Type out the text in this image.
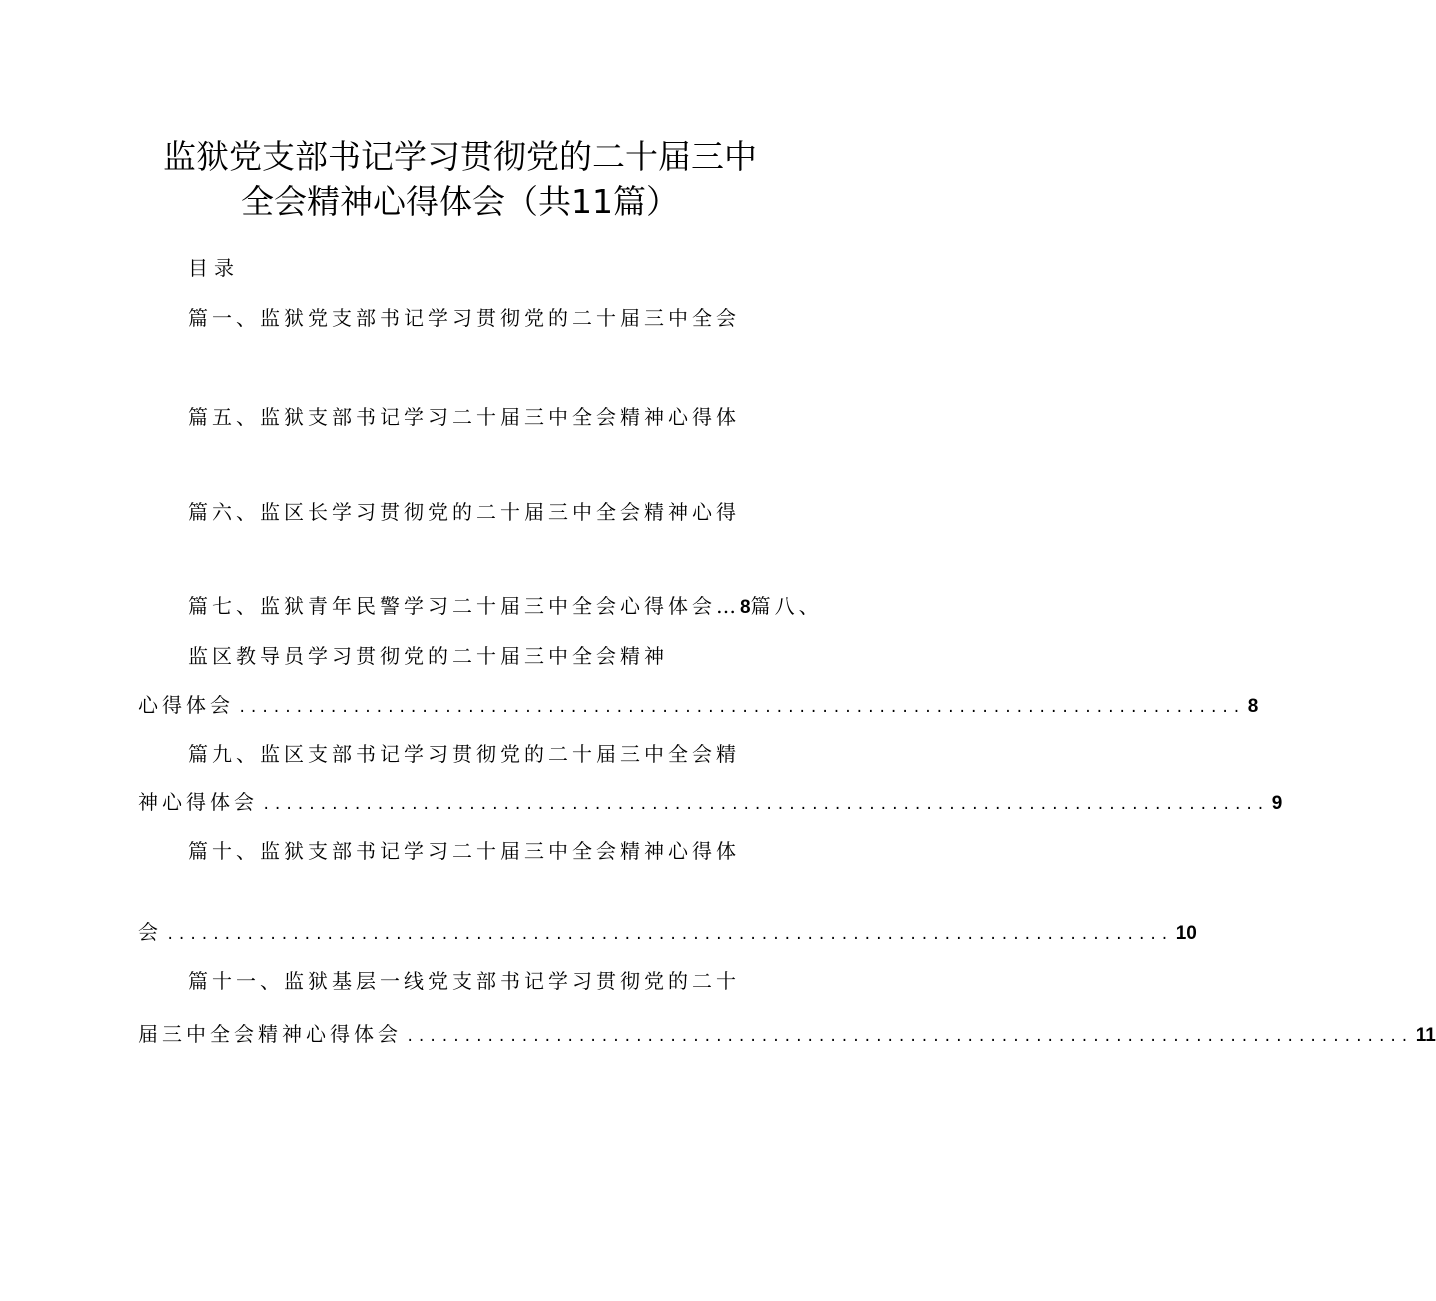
监狱党支部书记学习贯彻党的二十届三中
全会精神心得体会（共11篇）
目录
篇一、监狱党支部书记学习贯彻党的二十届三中全会
篇五、监狱支部书记学习二十届三中全会精神心得体
篇六、监区长学习贯彻党的二十届三中全会精神心得
篇七、监狱青年民警学习二十届三中全会心得体会…8篇八、
监区教导员学习贯彻党的二十届三中全会精神
心得体会 ........................................................................................ 8
篇九、监区支部书记学习贯彻党的二十届三中全会精
神心得体会 ........................................................................................ 9
篇十、监狱支部书记学习二十届三中全会精神心得体
会 ........................................................................................ 10
篇十一、监狱基层一线党支部书记学习贯彻党的二十
届三中全会精神心得体会 ........................................................................................ 11
